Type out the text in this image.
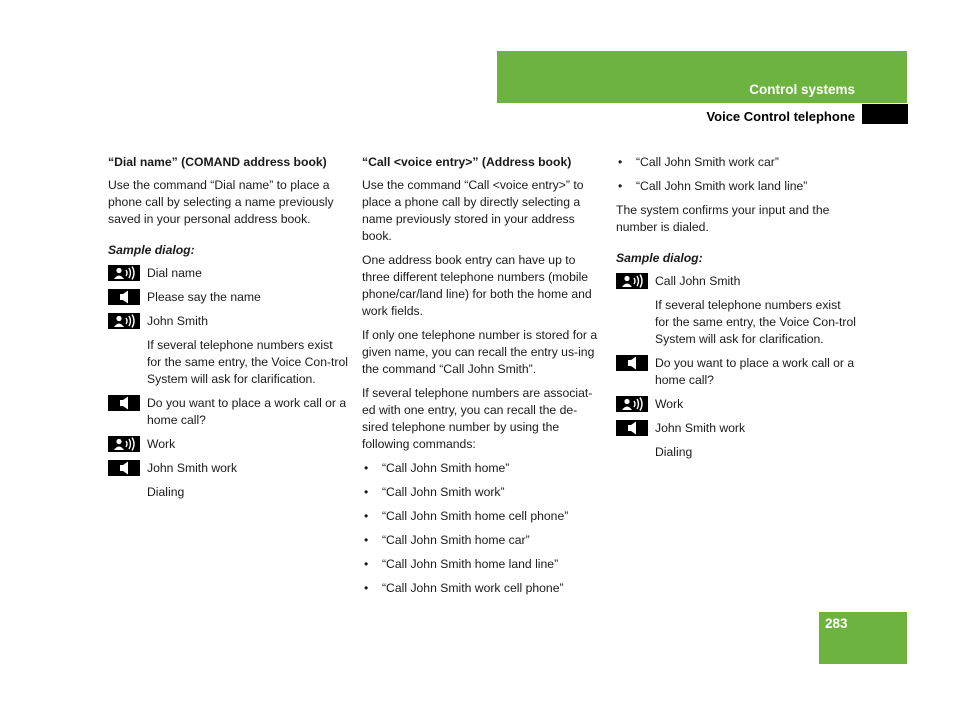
Control systems
Voice Control telephone
“Dial name” (COMAND address book)

Use the command “Dial name” to place a phone call by selecting a name previously saved in your personal address book.

Sample dialog:
Dial name
Please say the name
John Smith
If several telephone numbers exist for the same entry, the Voice Con-trol System will ask for clarification.
Do you want to place a work call or a home call?
Work
John Smith work
Dialing
“Call <voice entry>” (Address book)

Use the command “Call <voice entry>” to place a phone call by directly selecting a name previously stored in your address book.

One address book entry can have up to three different telephone numbers (mobile phone/car/land line) for both the home and work fields.

If only one telephone number is stored for a given name, you can recall the entry us-ing the command “Call John Smith”.

If several telephone numbers are associat-ed with one entry, you can recall the de-sired telephone number by using the following commands:

• “Call John Smith home”
• “Call John Smith work”
• “Call John Smith home cell phone”
• “Call John Smith home car”
• “Call John Smith home land line”
• “Call John Smith work cell phone”
• “Call John Smith work car”
• “Call John Smith work land line”

The system confirms your input and the number is dialed.

Sample dialog:
Call John Smith
If several telephone numbers exist for the same entry, the Voice Con-trol System will ask for clarification.
Do you want to place a work call or a home call?
Work
John Smith work
Dialing
283
